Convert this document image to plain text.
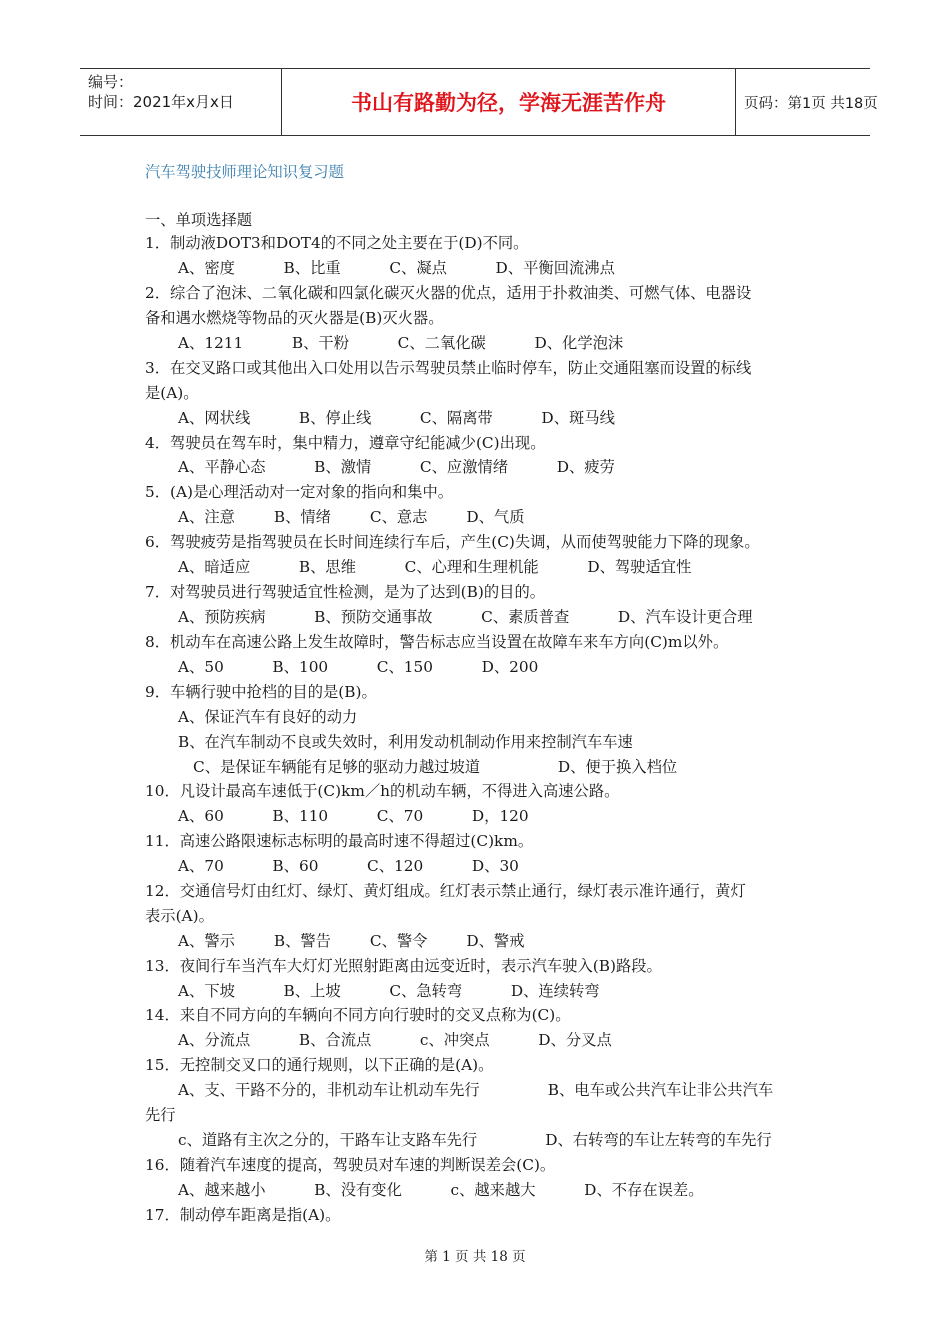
编号：
时间：2021年x月x日	书山有路勤为径，学海无涯苦作舟	页码：第1页 共18页
汽车驾驶技师理论知识复习题
一、单项选择题
1．制动液DOT3和DOT4的不同之处主要在于(D)不同。
A、密度          B、比重          C、凝点          D、平衡回流沸点
2．综合了泡沫、二氧化碳和四氯化碳灭火器的优点，适用于扑救油类、可燃气体、电器设
备和遇水燃烧等物品的灭火器是(B)灭火器。
A、1211          B、干粉          C、二氧化碳          D、化学泡沫
3．在交叉路口或其他出入口处用以告示驾驶员禁止临时停车，防止交通阻塞而设置的标线
是(A)。
A、网状线          B、停止线          C、隔离带          D、斑马线
4．驾驶员在驾车时，集中精力，遵章守纪能减少(C)出现。
A、平静心态          B、激情          C、应激情绪          D、疲劳
5．(A)是心理活动对一定对象的指向和集中。
A、注意        B、情绪        C、意志        D、气质
6．驾驶疲劳是指驾驶员在长时间连续行车后，产生(C)失调，从而使驾驶能力下降的现象。
A、暗适应          B、思维          C、心理和生理机能          D、驾驶适宜性
7．对驾驶员进行驾驶适宜性检测，是为了达到(B)的目的。
A、预防疾病          B、预防交通事故          C、素质普查          D、汽车设计更合理
8．机动车在高速公路上发生故障时，警告标志应当设置在故障车来车方向(C)m以外。
A、50          B、100          C、150          D、200
9．车辆行驶中抢档的目的是(B)。
A、保证汽车有良好的动力
B、在汽车制动不良或失效时，利用发动机制动作用来控制汽车车速
C、是保证车辆能有足够的驱动力越过坡道                D、便于换入档位
10．凡设计最高车速低于(C)km／h的机动车辆，不得进入高速公路。
A、60          B、110          C、70          D，120
11．高速公路限速标志标明的最高时速不得超过(C)km。
A、70          B、60          C、120          D、30
12．交通信号灯由红灯、绿灯、黄灯组成。红灯表示禁止通行，绿灯表示准许通行，黄灯
表示(A)。
A、警示        B、警告        C、警令        D、警戒
13．夜间行车当汽车大灯灯光照射距离由远变近时，表示汽车驶入(B)路段。
A、下坡          B、上坡          C、急转弯          D、连续转弯
14．来自不同方向的车辆向不同方向行驶时的交叉点称为(C)。
A、分流点          B、合流点          c、冲突点          D、分叉点
15．无控制交叉口的通行规则，以下正确的是(A)。
A、支、干路不分的，非机动车让机动车先行              B、电车或公共汽车让非公共汽车
先行
c、道路有主次之分的，干路车让支路车先行              D、右转弯的车让左转弯的车先行
16．随着汽车速度的提高，驾驶员对车速的判断误差会(C)。
A、越来越小          B、没有变化          c、越来越大          D、不存在误差。
17．制动停车距离是指(A)。
第 1 页 共 18 页
